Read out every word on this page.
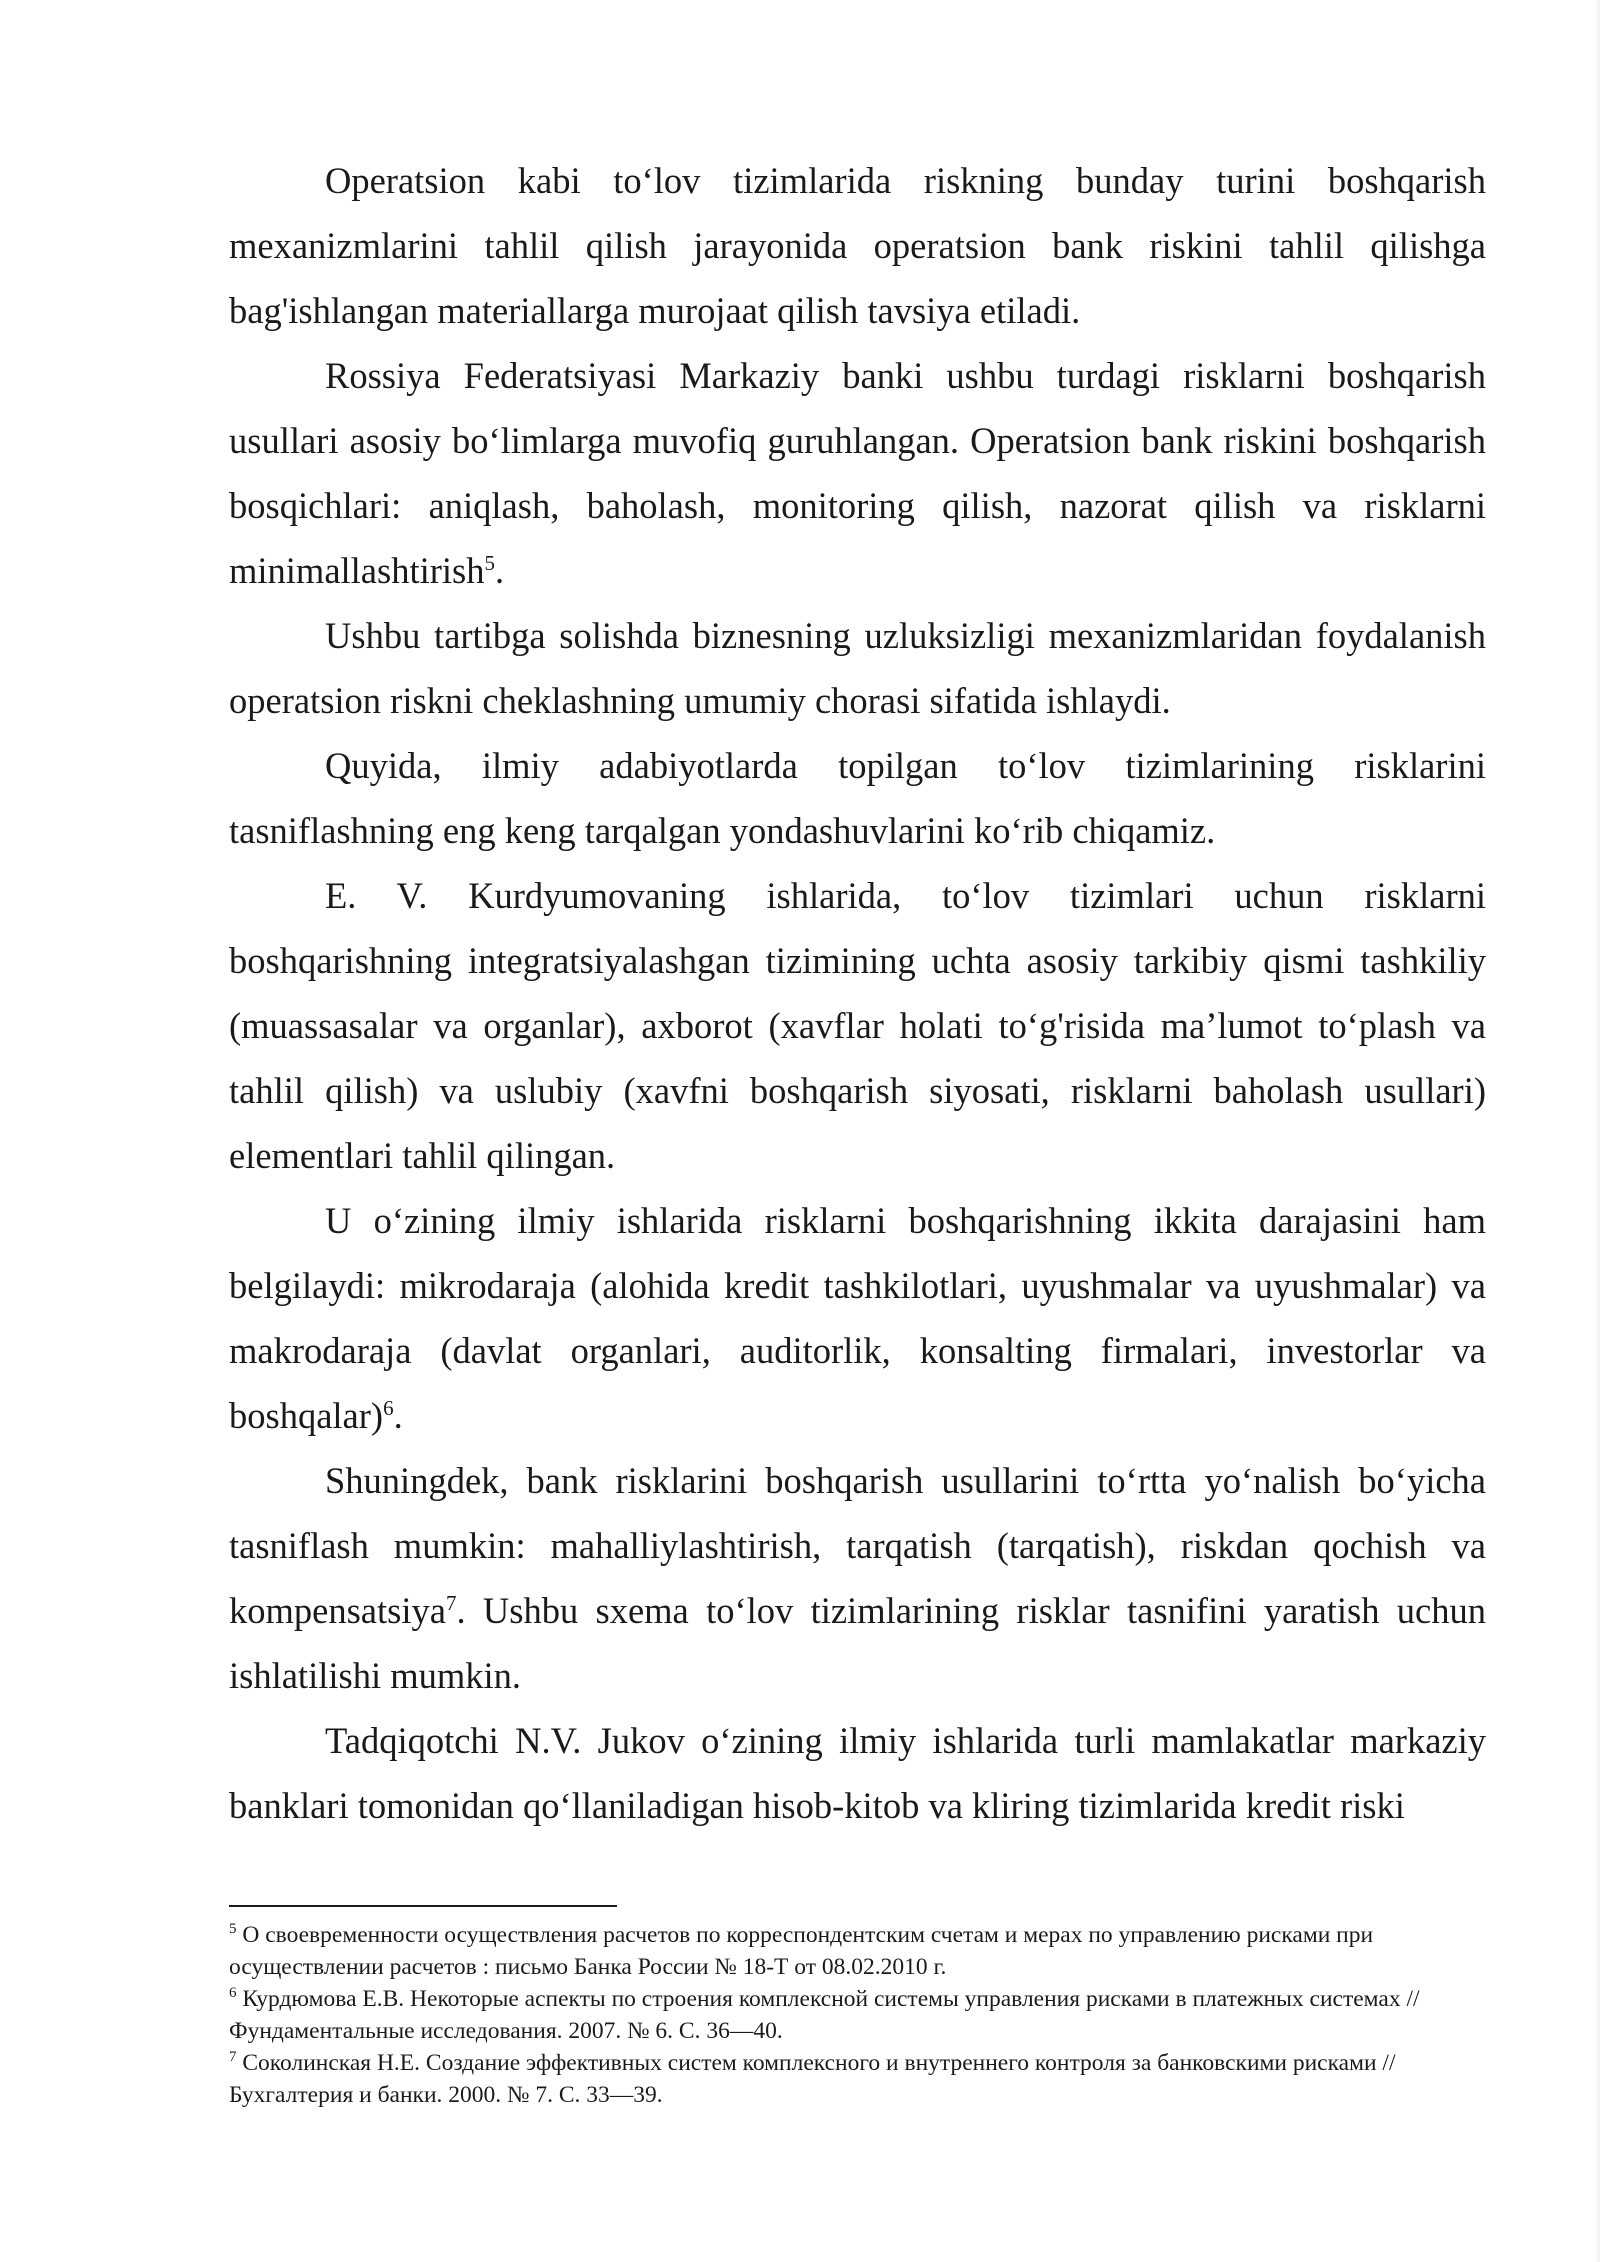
Operatsion kabi to‘lov tizimlarida riskning bunday turini boshqarish mexanizmlarini tahlil qilish jarayonida operatsion bank riskini tahlil qilishga bag'ishlangan materiallarga murojaat qilish tavsiya etiladi.

Rossiya Federatsiyasi Markaziy banki ushbu turdagi risklarni boshqarish usullari asosiy bo‘limlarga muvofiq guruhlangan. Operatsion bank riskini boshqarish bosqichlari: aniqlash, baholash, monitoring qilish, nazorat qilish va risklarni minimallashtirish$^5$.

Ushbu tartibga solishda biznesning uzluksizligi mexanizmlaridan foydalanish operatsion riskni cheklashning umumiy chorasi sifatida ishlaydi.

Quyida, ilmiy adabiyotlarda topilgan to‘lov tizimlarining risklarini tasniflashning eng keng tarqalgan yondashuvlarini ko‘rib chiqamiz.

E. V. Kurdyumovaning ishlarida, to‘lov tizimlari uchun risklarni boshqarishning integratsiyalashgan tizimining uchta asosiy tarkibiy qismi tashkiliy (muassasalar va organlar), axborot (xavflar holati to‘g'risida ma’lumot to‘plash va tahlil qilish) va uslubiy (xavfni boshqarish siyosati, risklarni baholash usullari) elementlari tahlil qilingan.

U o‘zining ilmiy ishlarida risklarni boshqarishning ikkita darajasini ham belgilaydi: mikrodaraja (alohida kredit tashkilotlari, uyushmalar va uyushmalar) va makrodaraja (davlat organlari, auditorlik, konsalting firmalari, investorlar va boshqalar)$^6$.

Shuningdek, bank risklarini boshqarish usullarini to‘rtta yo‘nalish bo‘yicha tasniflash mumkin: mahalliylashtirish, tarqatish (tarqatish), riskdan qochish va kompensatsiya$^7$. Ushbu sxema to‘lov tizimlarining risklar tasnifini yaratish uchun ishlatilishi mumkin.

Tadqiqotchi N.V. Jukov o‘zining ilmiy ishlarida turli mamlakatlar markaziy banklari tomonidan qo‘llaniladigan hisob-kitob va kliring tizimlarida kredit riski

$^5$ О своевременности осуществления расчетов по корреспондентским счетам и мерах по управлению рисками при осуществлении расчетов : письмо Банка России № 18-Т от 08.02.2010 г.

$^6$ Курдюмова Е.В. Некоторые аспекты по строения комплексной системы управления рисками в платежных системах // Фундаментальные исследования. 2007. № 6. С. 36—40.

$^7$ Соколинская Н.Е. Создание эффективных систем комплексного и внутреннего контроля за банковскими рисками // Бухгалтерия и банки. 2000. № 7. С. 33—39.
